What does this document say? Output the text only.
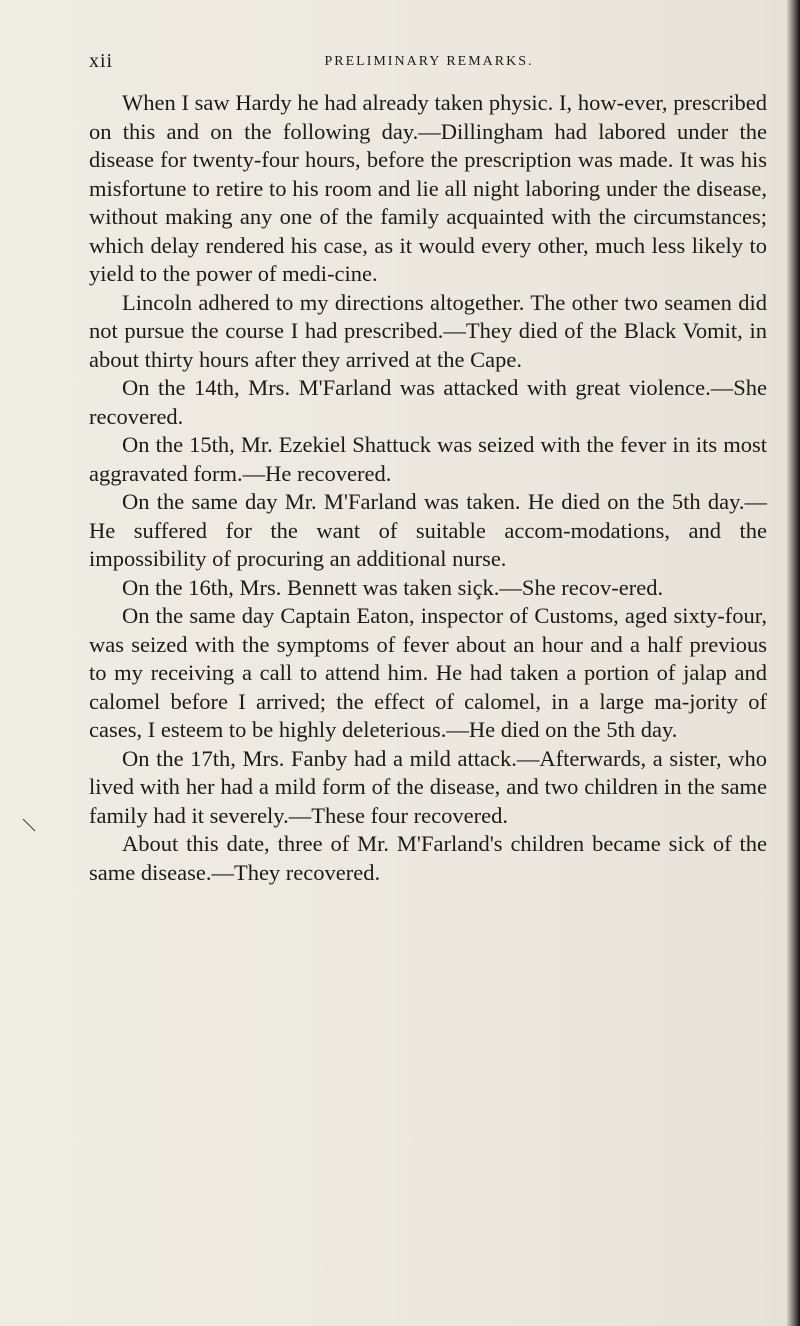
xii	PRELIMINARY REMARKS.

When I saw Hardy he had already taken physic. I, how-ever, prescribed on this and on the following day.—Dillingham had labored under the disease for twenty-four hours, before the prescription was made. It was his misfortune to retire to his room and lie all night laboring under the disease, without making any one of the family acquainted with the circumstances; which delay rendered his case, as it would every other, much less likely to yield to the power of medi-cine.

Lincoln adhered to my directions altogether. The other two seamen did not pursue the course I had prescribed.—They died of the Black Vomit, in about thirty hours after they arrived at the Cape.

On the 14th, Mrs. M'Farland was attacked with great violence.—She recovered.

On the 15th, Mr. Ezekiel Shattuck was seized with the fever in its most aggravated form.—He recovered.

On the same day Mr. M'Farland was taken. He died on the 5th day.—He suffered for the want of suitable accom-modations, and the impossibility of procuring an additional nurse.

On the 16th, Mrs. Bennett was taken siçk.—She recov-ered.

On the same day Captain Eaton, inspector of Customs, aged sixty-four, was seized with the symptoms of fever about an hour and a half previous to my receiving a call to attend him. He had taken a portion of jalap and calomel before I arrived; the effect of calomel, in a large ma-jority of cases, I esteem to be highly deleterious.—He died on the 5th day.

On the 17th, Mrs. Fanby had a mild attack.—Afterwards, a sister, who lived with her had a mild form of the disease, and two children in the same family had it severely.—These four recovered.

About this date, three of Mr. M'Farland's children became sick of the same disease.—They recovered.
